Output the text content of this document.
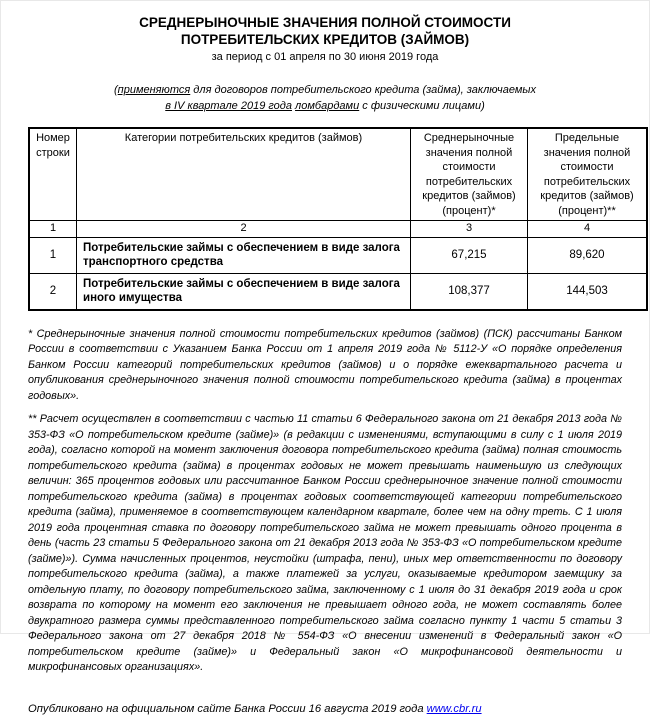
СРЕДНЕРЫНОЧНЫЕ ЗНАЧЕНИЯ ПОЛНОЙ СТОИМОСТИ
ПОТРЕБИТЕЛЬСКИХ КРЕДИТОВ (ЗАЙМОВ)
за период с 01 апреля по 30 июня 2019 года
(применяются для договоров потребительского кредита (займа), заключаемых
в IV квартале 2019 года ломбардами с физическими лицами)
Номер строки	Категории потребительских кредитов (займов)	Среднерыночные значения полной стоимости потребительских кредитов (займов) (процент)*	Предельные значения полной стоимости потребительских кредитов (займов) (процент)**
1	2	3	4
1	Потребительские займы с обеспечением в виде залога транспортного средства	67,215	89,620
2	Потребительские займы с обеспечением в виде залога иного имущества	108,377	144,503
* Среднерыночные значения полной стоимости потребительских кредитов (займов) (ПСК) рассчитаны Банком России в соответствии с Указанием Банка России от 1 апреля 2019 года № 5112-У «О порядке определения Банком России категорий потребительских кредитов (займов) и о порядке ежеквартального расчета и опубликования среднерыночного значения полной стоимости потребительского кредита (займа) в процентах годовых».
** Расчет осуществлен в соответствии с частью 11 статьи 6 Федерального закона от 21 декабря 2013 года № 353-ФЗ «О потребительском кредите (займе)» (в редакции с изменениями, вступающими в силу с 1 июля 2019 года), согласно которой на момент заключения договора потребительского кредита (займа) полная стоимость потребительского кредита (займа) в процентах годовых не может превышать наименьшую из следующих величин: 365 процентов годовых или рассчитанное Банком России среднерыночное значение полной стоимости потребительского кредита (займа) в процентах годовых соответствующей категории потребительского кредита (займа), применяемое в соответствующем календарном квартале, более чем на одну треть. С 1 июля 2019 года процентная ставка по договору потребительского займа не может превышать одного процента в день (часть 23 статьи 5 Федерального закона от 21 декабря 2013 года № 353-ФЗ «О потребительском кредите (займе)»). Сумма начисленных процентов, неустойки (штрафа, пени), иных мер ответственности по договору потребительского кредита (займа), а также платежей за услуги, оказываемые кредитором заемщику за отдельную плату, по договору потребительского займа, заключенному с 1 июля до 31 декабря 2019 года и срок возврата по которому на момент его заключения не превышает одного года, не может составлять более двукратного размера суммы представленного потребительского займа согласно пункту 1 части 5 статьи 3 Федерального закона от 27 декабря 2018 № 554-ФЗ «О внесении изменений в Федеральный закон «О потребительском кредите (займе)» и Федеральный закон «О микрофинансовой деятельности и микрофинансовых организациях».
Опубликовано на официальном сайте Банка России 16 августа 2019 года www.cbr.ru
